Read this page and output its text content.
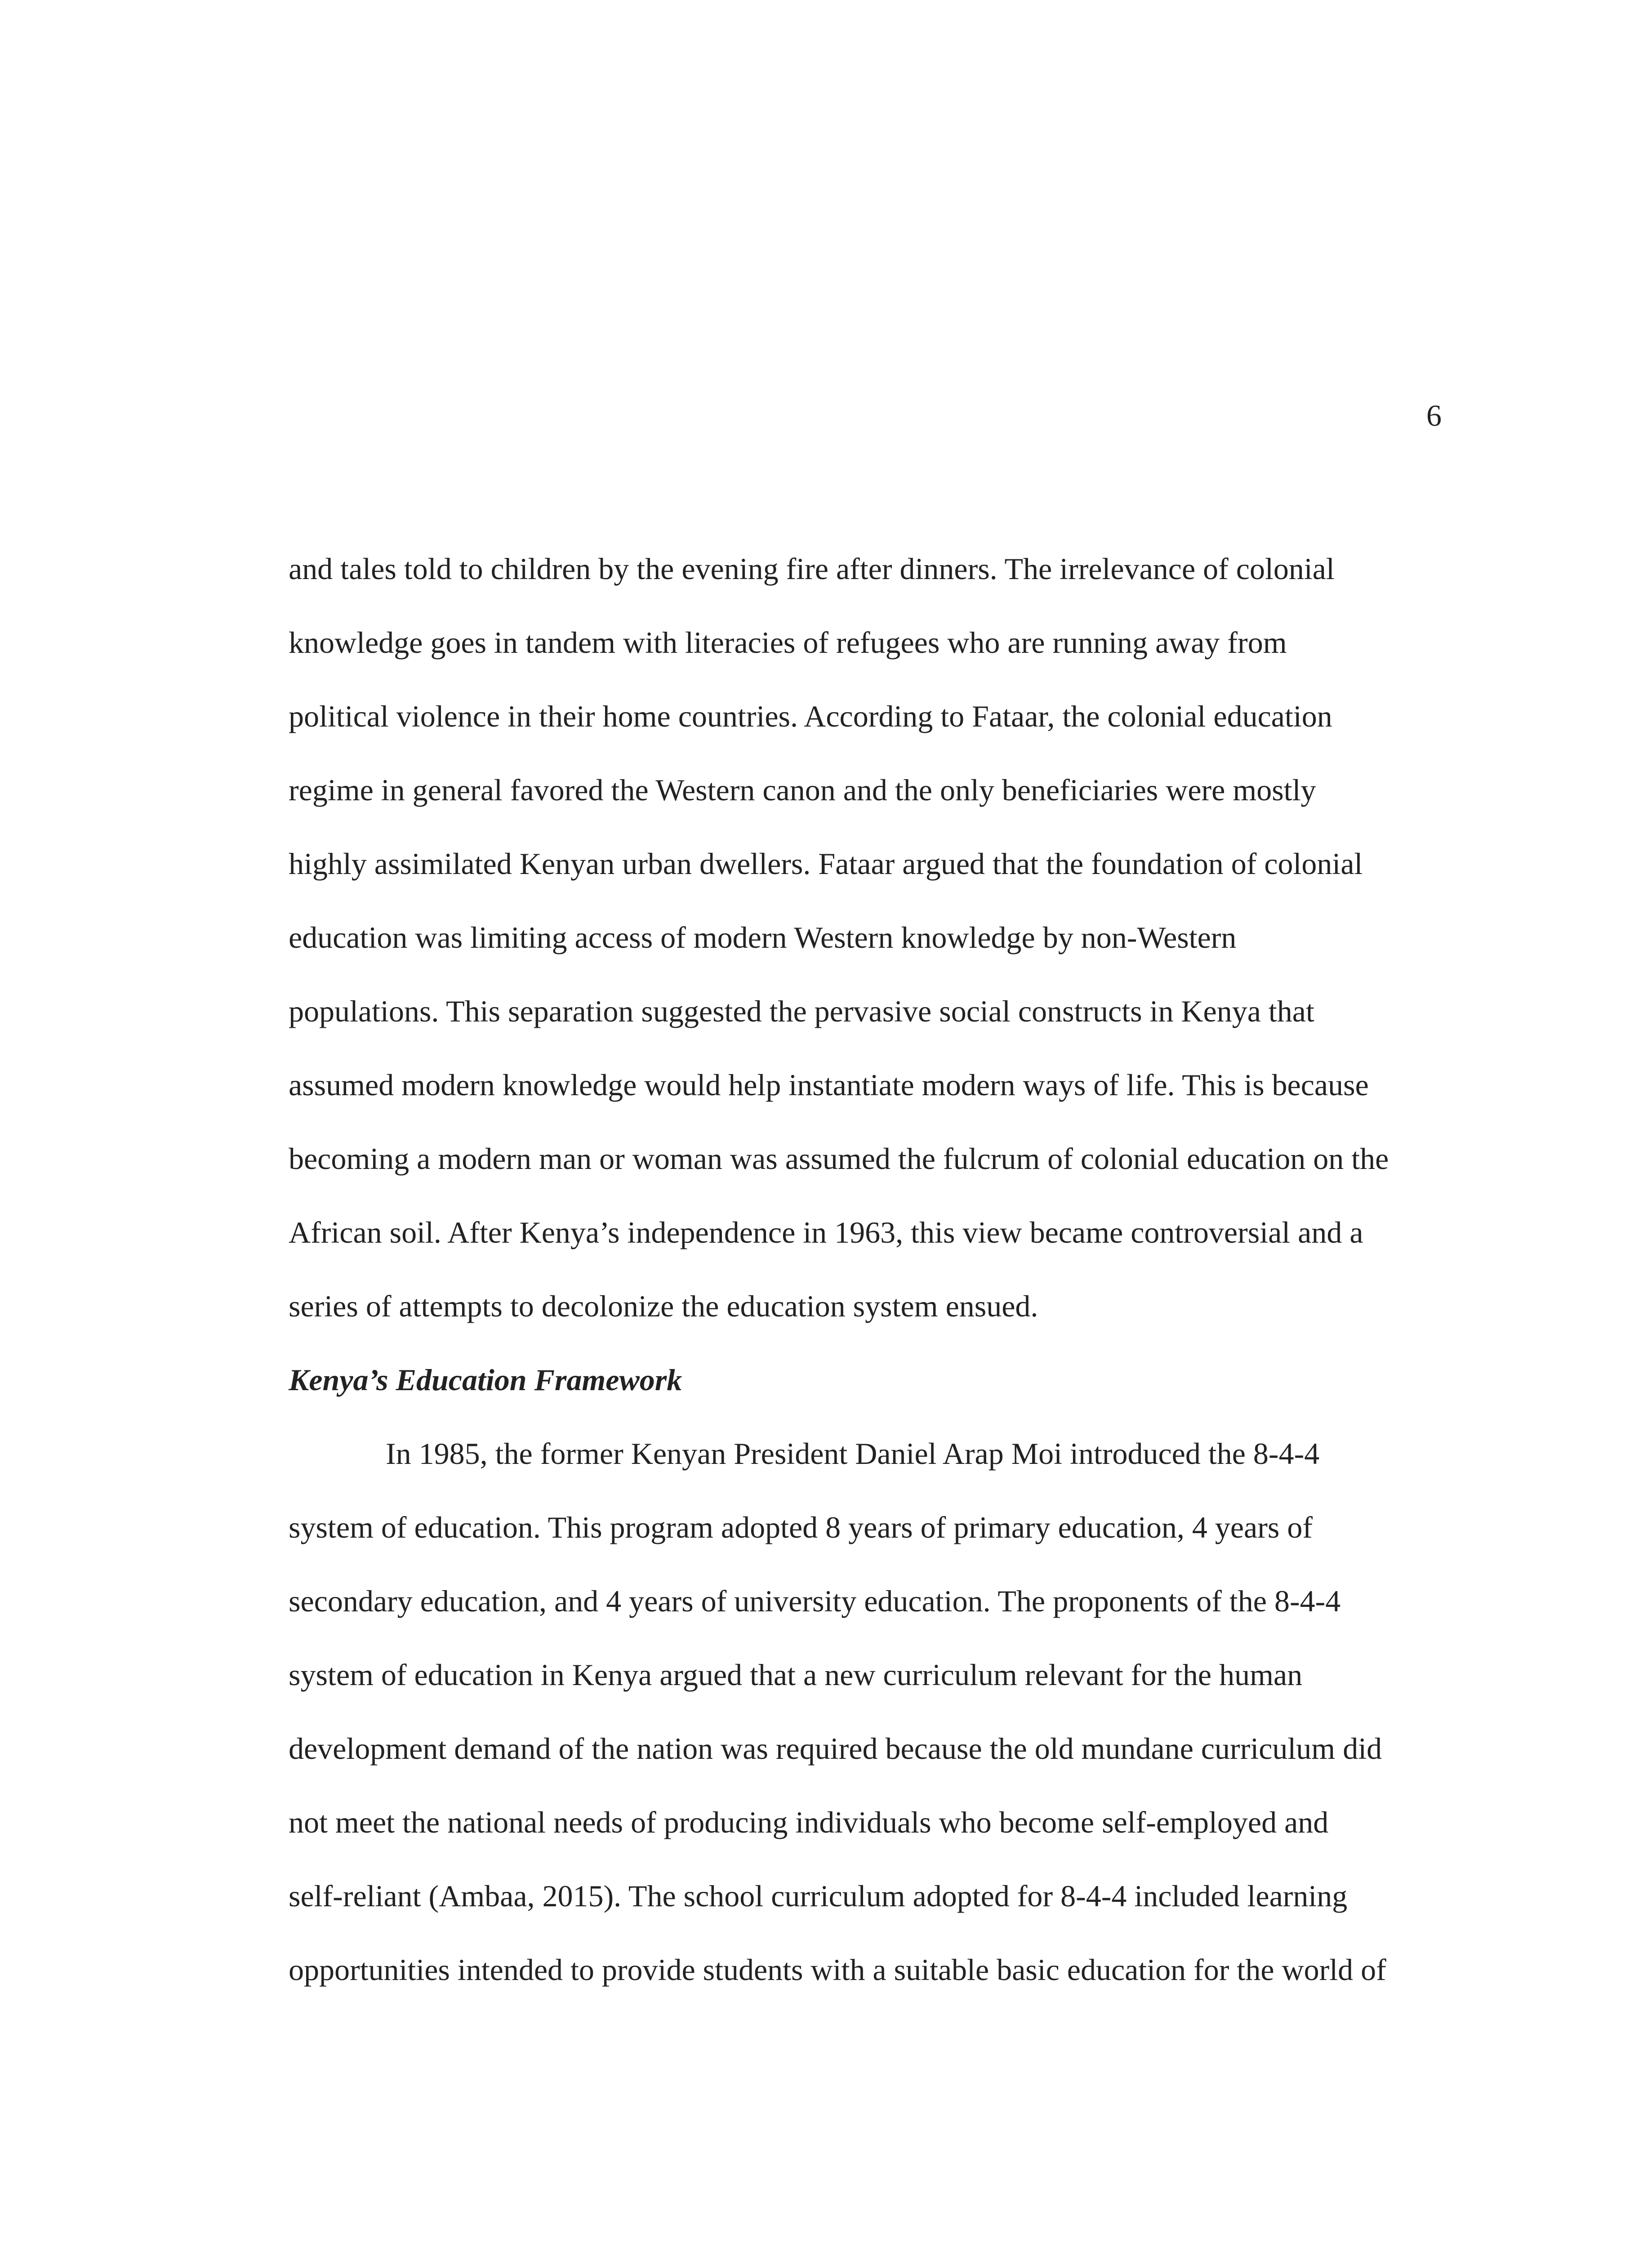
6
and tales told to children by the evening fire after dinners. The irrelevance of colonial
knowledge goes in tandem with literacies of refugees who are running away from
political violence in their home countries. According to Fataar, the colonial education
regime in general favored the Western canon and the only beneficiaries were mostly
highly assimilated Kenyan urban dwellers. Fataar argued that the foundation of colonial
education was limiting access of modern Western knowledge by non-Western
populations. This separation suggested the pervasive social constructs in Kenya that
assumed modern knowledge would help instantiate modern ways of life. This is because
becoming a modern man or woman was assumed the fulcrum of colonial education on the
African soil. After Kenya’s independence in 1963, this view became controversial and a
series of attempts to decolonize the education system ensued.
Kenya’s Education Framework
In 1985, the former Kenyan President Daniel Arap Moi introduced the 8-4-4
system of education. This program adopted 8 years of primary education, 4 years of
secondary education, and 4 years of university education. The proponents of the 8-4-4
system of education in Kenya argued that a new curriculum relevant for the human
development demand of the nation was required because the old mundane curriculum did
not meet the national needs of producing individuals who become self-employed and
self-reliant (Ambaa, 2015). The school curriculum adopted for 8-4-4 included learning
opportunities intended to provide students with a suitable basic education for the world of
